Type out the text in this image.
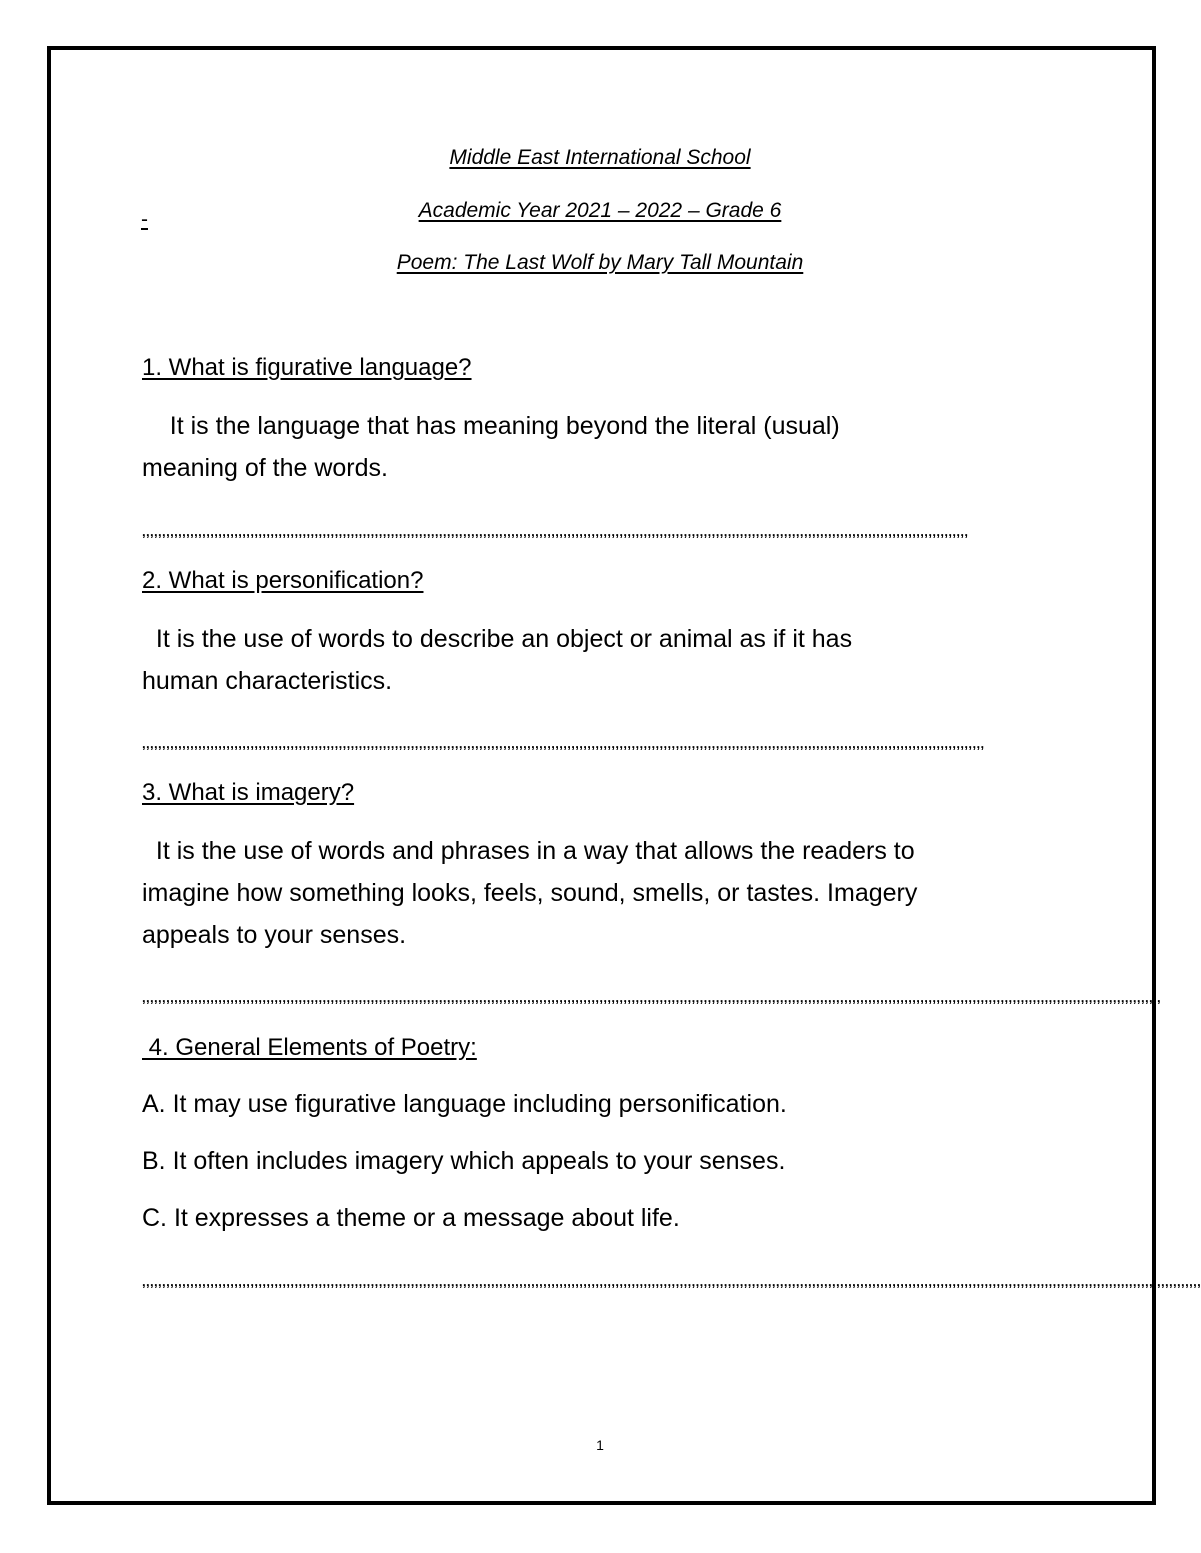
Middle East International School
-	Academic Year 2021 – 2022 – Grade 6
Poem: The Last Wolf by Mary Tall Mountain
1. What is figurative language?

It is the language that has meaning beyond the literal (usual)

meaning of the words.

,,,,,,,,,,,,,,,,,,,,,,,,,,,,,,,,,,,,,,,,,,,,,,,,,,,,,,,,,,,,,,,,,,,,,,,,,,,,,,,,,,,,,,,,,,,,,,,,,,,,,,,,,,,,,,,,,,,,,,,,,,,,,,,,,,,,,,,,,,,,,,,,,,,,,,,,,,,,,,,,,,,,,,,,,,,,,,,,,,,,,,,,,,,,,,,,,,,,,,,,,,,,,,
2. What is personification?

It is the use of words to describe an object or animal as if it has

human characteristics.

,,,,,,,,,,,,,,,,,,,,,,,,,,,,,,,,,,,,,,,,,,,,,,,,,,,,,,,,,,,,,,,,,,,,,,,,,,,,,,,,,,,,,,,,,,,,,,,,,,,,,,,,,,,,,,,,,,,,,,,,,,,,,,,,,,,,,,,,,,,,,,,,,,,,,,,,,,,,,,,,,,,,,,,,,,,,,,,,,,,,,,,,,,,,,,,,,,,,,,,,,,,,,,,,,,
3. What is imagery?

It is the use of words and phrases in a way that allows the readers to

imagine how something looks, feels, sound, smells, or tastes. Imagery

appeals to your senses.

,,,,,,,,,,,,,,,,,,,,,,,,,,,,,,,,,,,,,,,,,,,,,,,,,,,,,,,,,,,,,,,,,,,,,,,,,,,,,,,,,,,,,,,,,,,,,,,,,,,,,,,,,,,,,,,,,,,,,,,,,,,,,,,,,,,,,,,,,,,,,,,,,,,,,,,,,,,,,,,,,,,,,,,,,,,,,,,,,,,,,,,,,,,,,,,,,,,,,,,,,,,,,,,,,,,,,,,,,,,,,,,,,,,,,,,,,,,,,,,,,,,,,,,,,,,,,,
4. General Elements of Poetry:
A. It may use figurative language including personification.
B. It often includes imagery which appeals to your senses.
C. It expresses a theme or a message about life.
,,,,,,,,,,,,,,,,,,,,,,,,,,,,,,,,,,,,,,,,,,,,,,,,,,,,,,,,,,,,,,,,,,,,,,,,,,,,,,,,,,,,,,,,,,,,,,,,,,,,,,,,,,,,,,,,,,,,,,,,,,,,,,,,,,,,,,,,,,,,,,,,,,,,,,,,,,,,,,,,,,,,,,,,,,,,,,,,,,,,,,,,,,,,,,,,,,,,,,,,,,,,,,,,,,,,,,,,,,,,,,,,,,,,,,,,,,,,,,,,,,,,,,,,,,,,,,,,,,,,,,,,
1
